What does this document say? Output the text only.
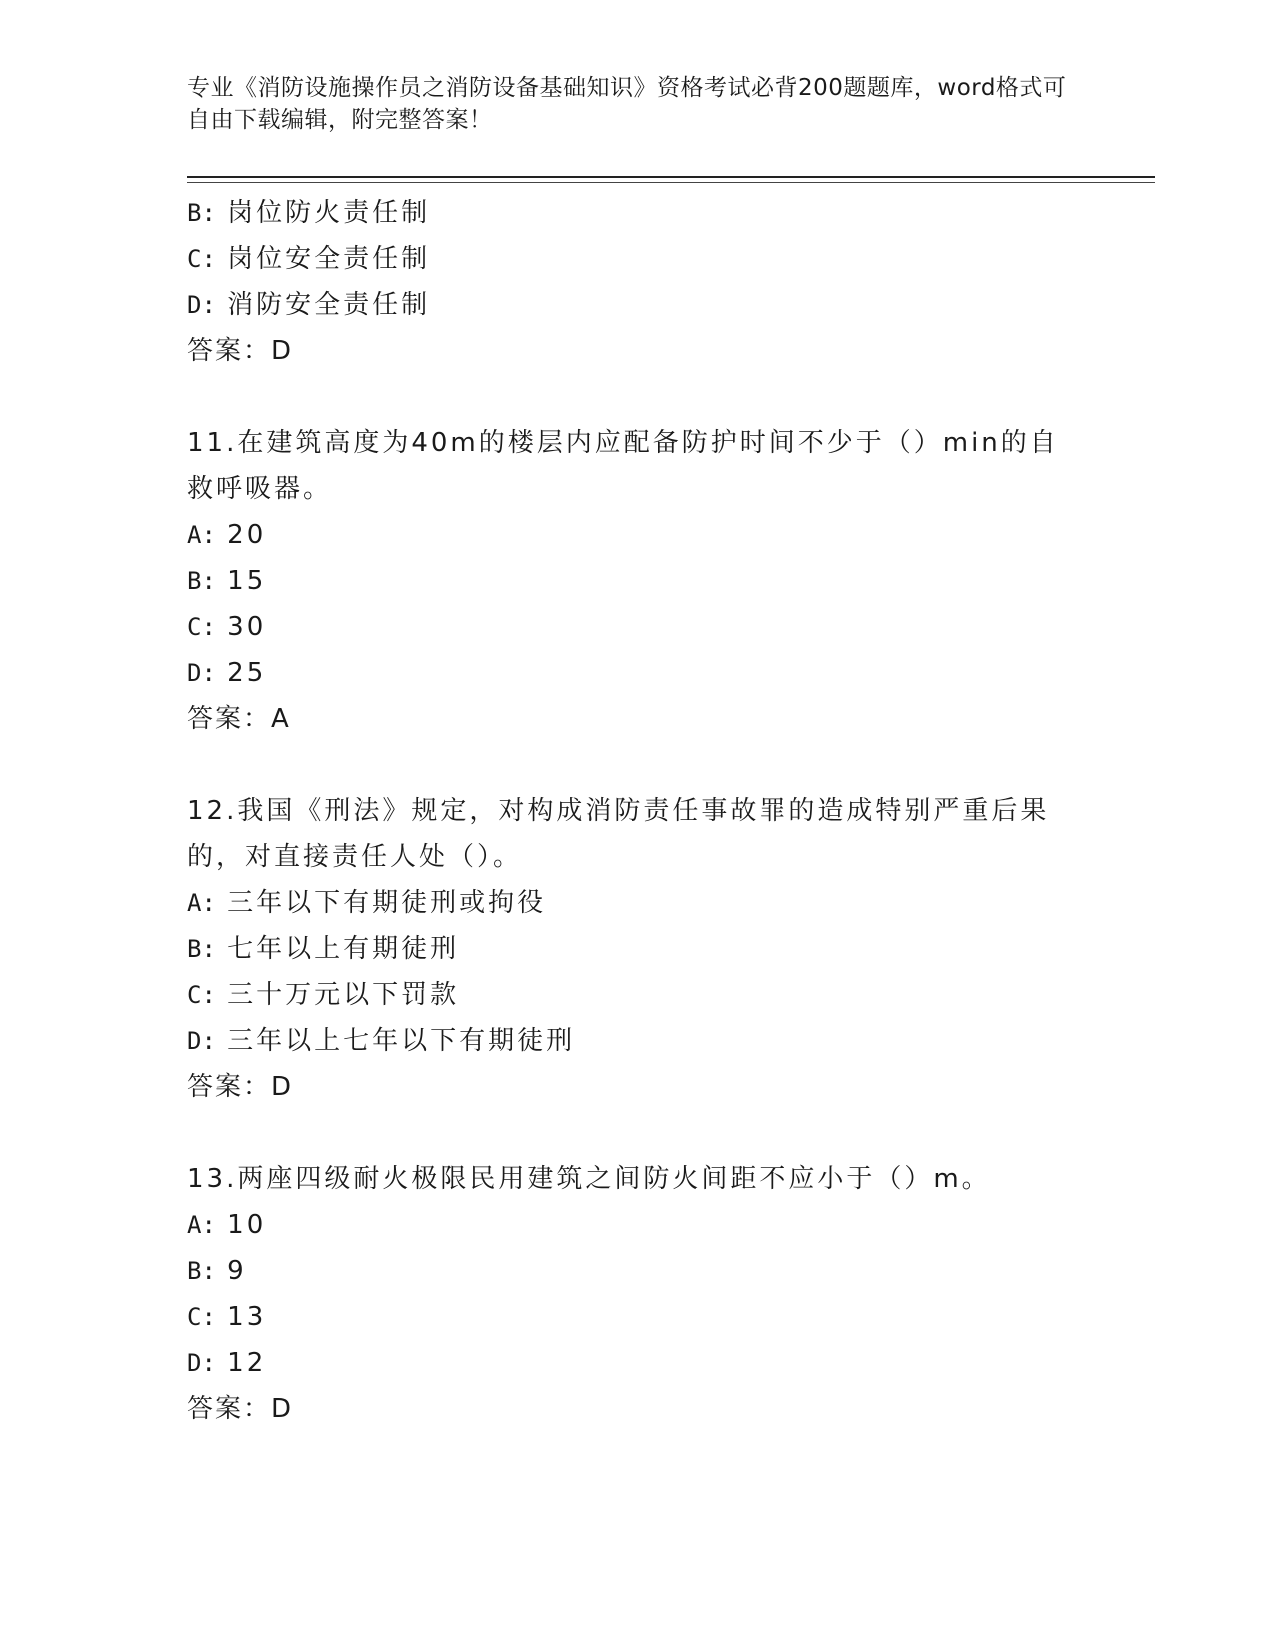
专业《消防设施操作员之消防设备基础知识》资格考试必背200题题库，word格式可自由下载编辑，附完整答案！
B: 岗位防火责任制
C: 岗位安全责任制
D: 消防安全责任制
答案：D
11.在建筑高度为40m的楼层内应配备防护时间不少于（）min的自救呼吸器。
A: 20
B: 15
C: 30
D: 25
答案：A
12.我国《刑法》规定，对构成消防责任事故罪的造成特别严重后果的，对直接责任人处（）。
A: 三年以下有期徒刑或拘役
B: 七年以上有期徒刑
C: 三十万元以下罚款
D: 三年以上七年以下有期徒刑
答案：D
13.两座四级耐火极限民用建筑之间防火间距不应小于（）m。
A: 10
B: 9
C: 13
D: 12
答案：D
